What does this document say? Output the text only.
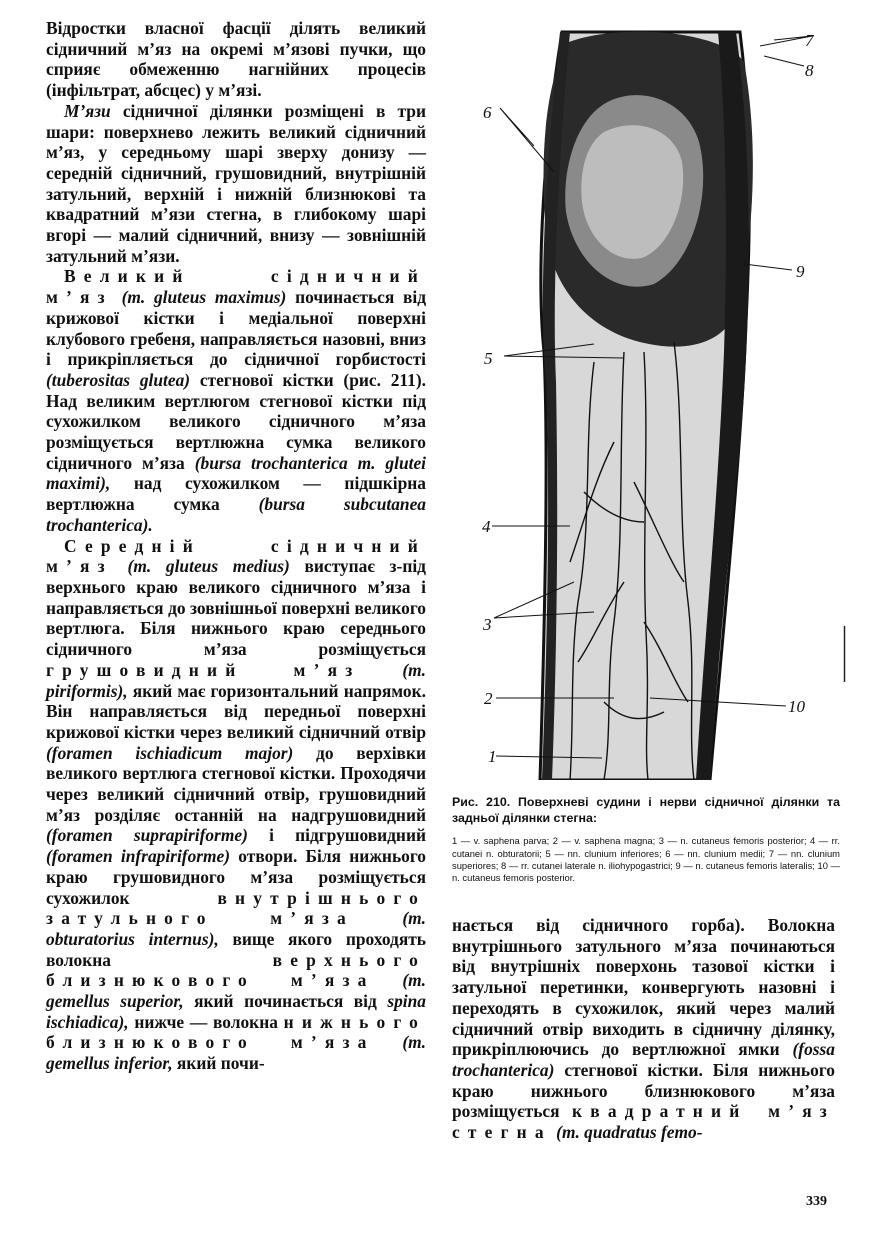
Відростки власної фасції ділять великий сідничний м’яз на окремі м’язові пучки, що сприяє обмеженню нагнійних процесів (інфільтрат, абсцес) у м’язі.

М’язи сідничної ділянки розміщені в три шари: поверхнево лежить великий сідничний м’яз, у середньому шарі зверху донизу — середній сідничний, грушовидний, внутрішній затульний, верхній і нижній близнюкові та квадратний м’язи стегна, в глибокому шарі вгорі — малий сідничний, внизу — зовнішній затульний м’язи.

Великий сідничний м’яз (m. gluteus maximus) починається від крижової кістки і медіальної поверхні клубового гребеня, направляється назовні, вниз і прикріпляється до сідничної горбистості (tuberositas glutea) стегнової кістки (рис. 211). Над великим вертлюгом стегнової кістки під сухожилком великого сідничного м’яза розміщується вертлюжна сумка великого сідничного м’яза (bursa trochanterica m. glutei maximi), над сухожилком — підшкірна вертлюжна сумка (bursa subcutanea trochanterica).

Середній сідничний м’яз (m. gluteus medius) виступає з-під верхнього краю великого сідничного м’яза і направляється до зовнішньої поверхні великого вертлюга. Біля нижнього краю середнього сідничного м’яза розміщується грушовидний м’яз (m. piriformis), який має горизонтальний напрямок. Він направляється від передньої поверхні крижової кістки через великий сідничний отвір (foramen ischiadicum major) до верхівки великого вертлюга стегнової кістки. Проходячи через великий сідничний отвір, грушовидний м’яз розділяє останній на надгрушовидний (foramen suprapiriforme) і підгрушовидний (foramen infrapiriforme) отвори. Біля нижнього краю грушовидного м’яза розміщується сухожилок внутрішнього затульного м’яза	(m. obturatorius internus), вище якого проходять волокна верхнього близнюкового м’яза (m. gemellus superior, який починається від spina ischiadica), нижче — волокна нижнього близнюкового м’яза (m. gemellus inferior, який почи-

7
8
6
9
5
4
3
2	10
1
Рис. 210. Поверхневі судини і нерви сідничної ділянки та задньої ділянки стегна:
1 — v. saphena parva; 2 — v. saphena magna; 3 — n. cutaneus femoris posterior; 4 — rr. cutanei n. obturatorii; 5 — nn. clunium inferiores; 6 — nn. clunium medii; 7 — nn. clunium superiores; 8 — rr. cutanei laterale n. iliohypogastrici; 9 — n. cutaneus femoris lateralis; 10 — n. cutaneus femoris posterior.

нається від сідничного горба). Волокна внутрішнього затульного м’яза починаються від внутрішніх поверхонь тазової кістки і затульної перетинки, конвергують назовні і переходять в сухожилок, який через малий сідничний отвір виходить в сідничну ділянку, прикріплюючись до вертлюжної ямки (fossa trochanterica) стегнової кістки. Біля нижнього краю нижнього близнюкового м’яза розміщується квадратний м’яз стегна (m. quadratus femo-

339
